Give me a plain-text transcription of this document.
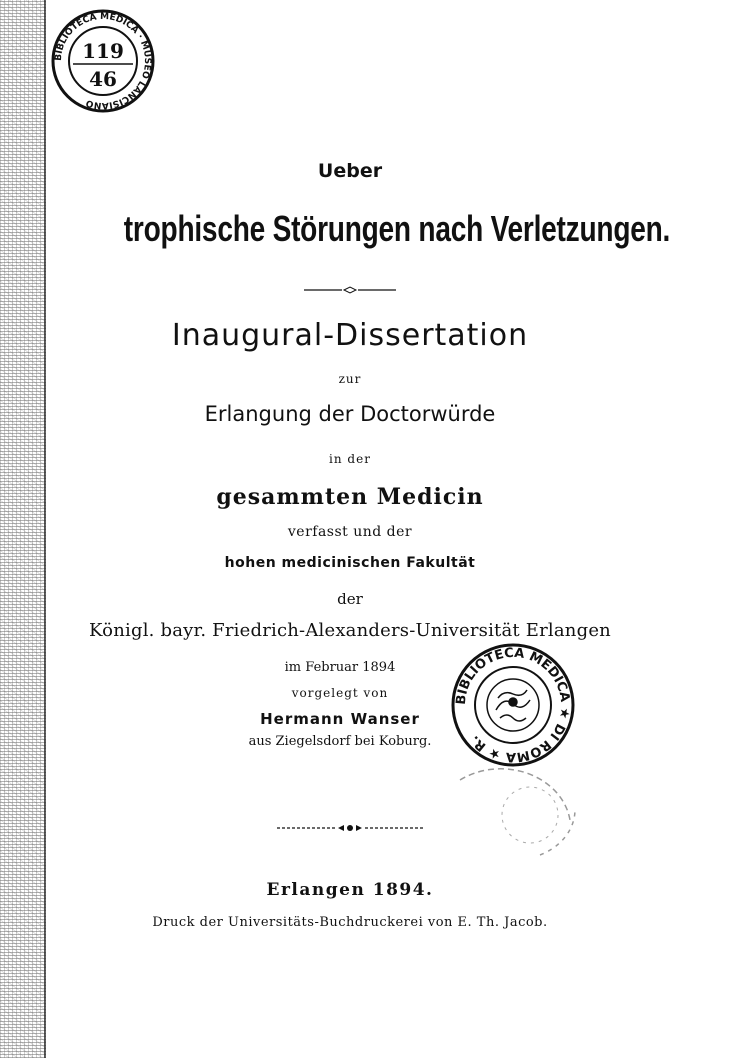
BIBLIOTECA MEDICA · MUSEO LANCISIANO
119
46
Ueber
trophische Störungen nach Verletzungen.
Inaugural-Dissertation
zur
Erlangung der Doctorwürde
in der
gesammten Medicin
verfasst und der
hohen medicinischen Fakultät
der
Königl. bayr. Friedrich-Alexanders-Universität Erlangen
im Februar 1894
vorgelegt von
Hermann Wanser
aus Ziegelsdorf bei Koburg.
BIBLIOTECA MEDICA ★ DI ROMA ★ R.
Erlangen 1894.
Druck der Universitäts-Buchdruckerei von E. Th. Jacob.
